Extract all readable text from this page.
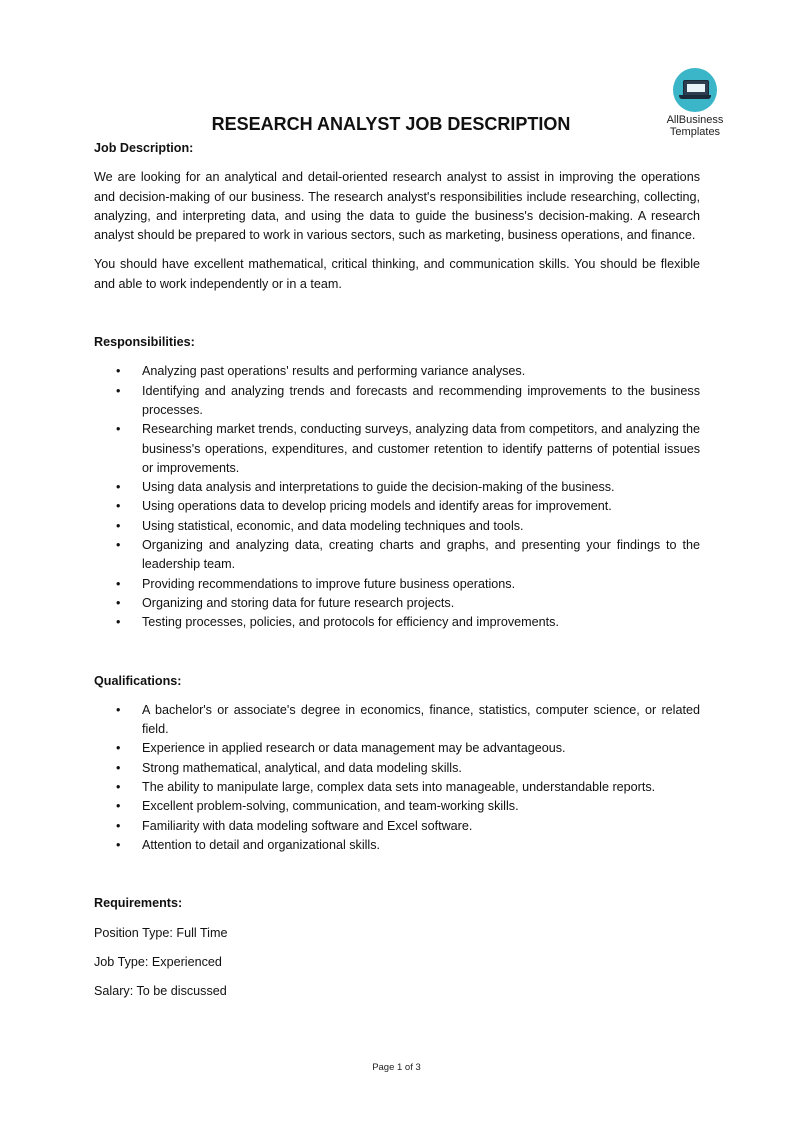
AllBusiness
Templates
RESEARCH ANALYST JOB DESCRIPTION
Job Description:

We are looking for an analytical and detail-oriented research analyst to assist in improving the operations and decision-making of our business. The research analyst's responsibilities include researching, collecting, analyzing, and interpreting data, and using the data to guide the business's decision-making. A research analyst should be prepared to work in various sectors, such as marketing, business operations, and finance.

You should have excellent mathematical, critical thinking, and communication skills. You should be flexible and able to work independently or in a team.

Responsibilities:
• Analyzing past operations' results and performing variance analyses.
• Identifying and analyzing trends and forecasts and recommending improvements to the business processes.
• Researching market trends, conducting surveys, analyzing data from competitors, and analyzing the business's operations, expenditures, and customer retention to identify patterns of potential issues or improvements.
• Using data analysis and interpretations to guide the decision-making of the business.
• Using operations data to develop pricing models and identify areas for improvement.
• Using statistical, economic, and data modeling techniques and tools.
• Organizing and analyzing data, creating charts and graphs, and presenting your findings to the leadership team.
• Providing recommendations to improve future business operations.
• Organizing and storing data for future research projects.
• Testing processes, policies, and protocols for efficiency and improvements.
Qualifications:
• A bachelor's or associate's degree in economics, finance, statistics, computer science, or related field.
• Experience in applied research or data management may be advantageous.
• Strong mathematical, analytical, and data modeling skills.
• The ability to manipulate large, complex data sets into manageable, understandable reports.
• Excellent problem-solving, communication, and team-working skills.
• Familiarity with data modeling software and Excel software.
• Attention to detail and organizational skills.
Requirements:

Position Type: Full Time

Job Type: Experienced

Salary: To be discussed

Page 1 of 3
